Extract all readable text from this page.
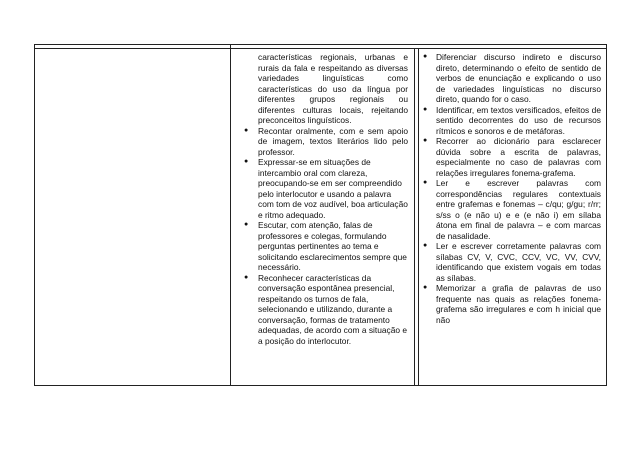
características regionais, urbanas e rurais da fala e respeitando as diversas variedades linguísticas como características do uso da língua por diferentes grupos regionais ou diferentes culturas locais, rejeitando preconceitos linguísticos.

● Recontar oralmente, com e sem apoio de imagem, textos literários lido pelo professor.
● Expressar-se em situações de intercambio oral com clareza, preocupando-se em ser compreendido pelo interlocutor e usando a palavra com tom de voz audível, boa articulação e ritmo adequado.
● Escutar, com atenção, falas de professores e colegas, formulando perguntas pertinentes ao tema e solicitando esclarecimentos sempre que necessário.
● Reconhecer características da conversação espontânea presencial, respeitando os turnos de fala, selecionando e utilizando, durante a conversação, formas de tratamento adequadas, de acordo com a situação e a posição do interlocutor.
● Diferenciar discurso indireto e discurso direto, determinando o efeito de sentido de verbos de enunciação e explicando o uso de variedades linguísticas no discurso direto, quando for o caso.
● Identificar, em textos versificados, efeitos de sentido decorrentes do uso de recursos rítmicos e sonoros e de metáforas.
● Recorrer ao dicionário para esclarecer dúvida sobre a escrita de palavras, especialmente no caso de palavras com relações irregulares fonema-grafema.
● Ler e escrever palavras com correspondências regulares contextuais entre grafemas e fonemas – c/qu; g/gu; r/rr; s/ss o (e não u) e e (e não i) em sílaba átona em final de palavra – e com marcas de nasalidade.
● Ler e escrever corretamente palavras com sílabas CV, V, CVC, CCV, VC, VV, CVV, identificando que existem vogais em todas as sílabas.
● Memorizar a grafia de palavras de uso frequente nas quais as relações fonema-grafema são irregulares e com h inicial que não
